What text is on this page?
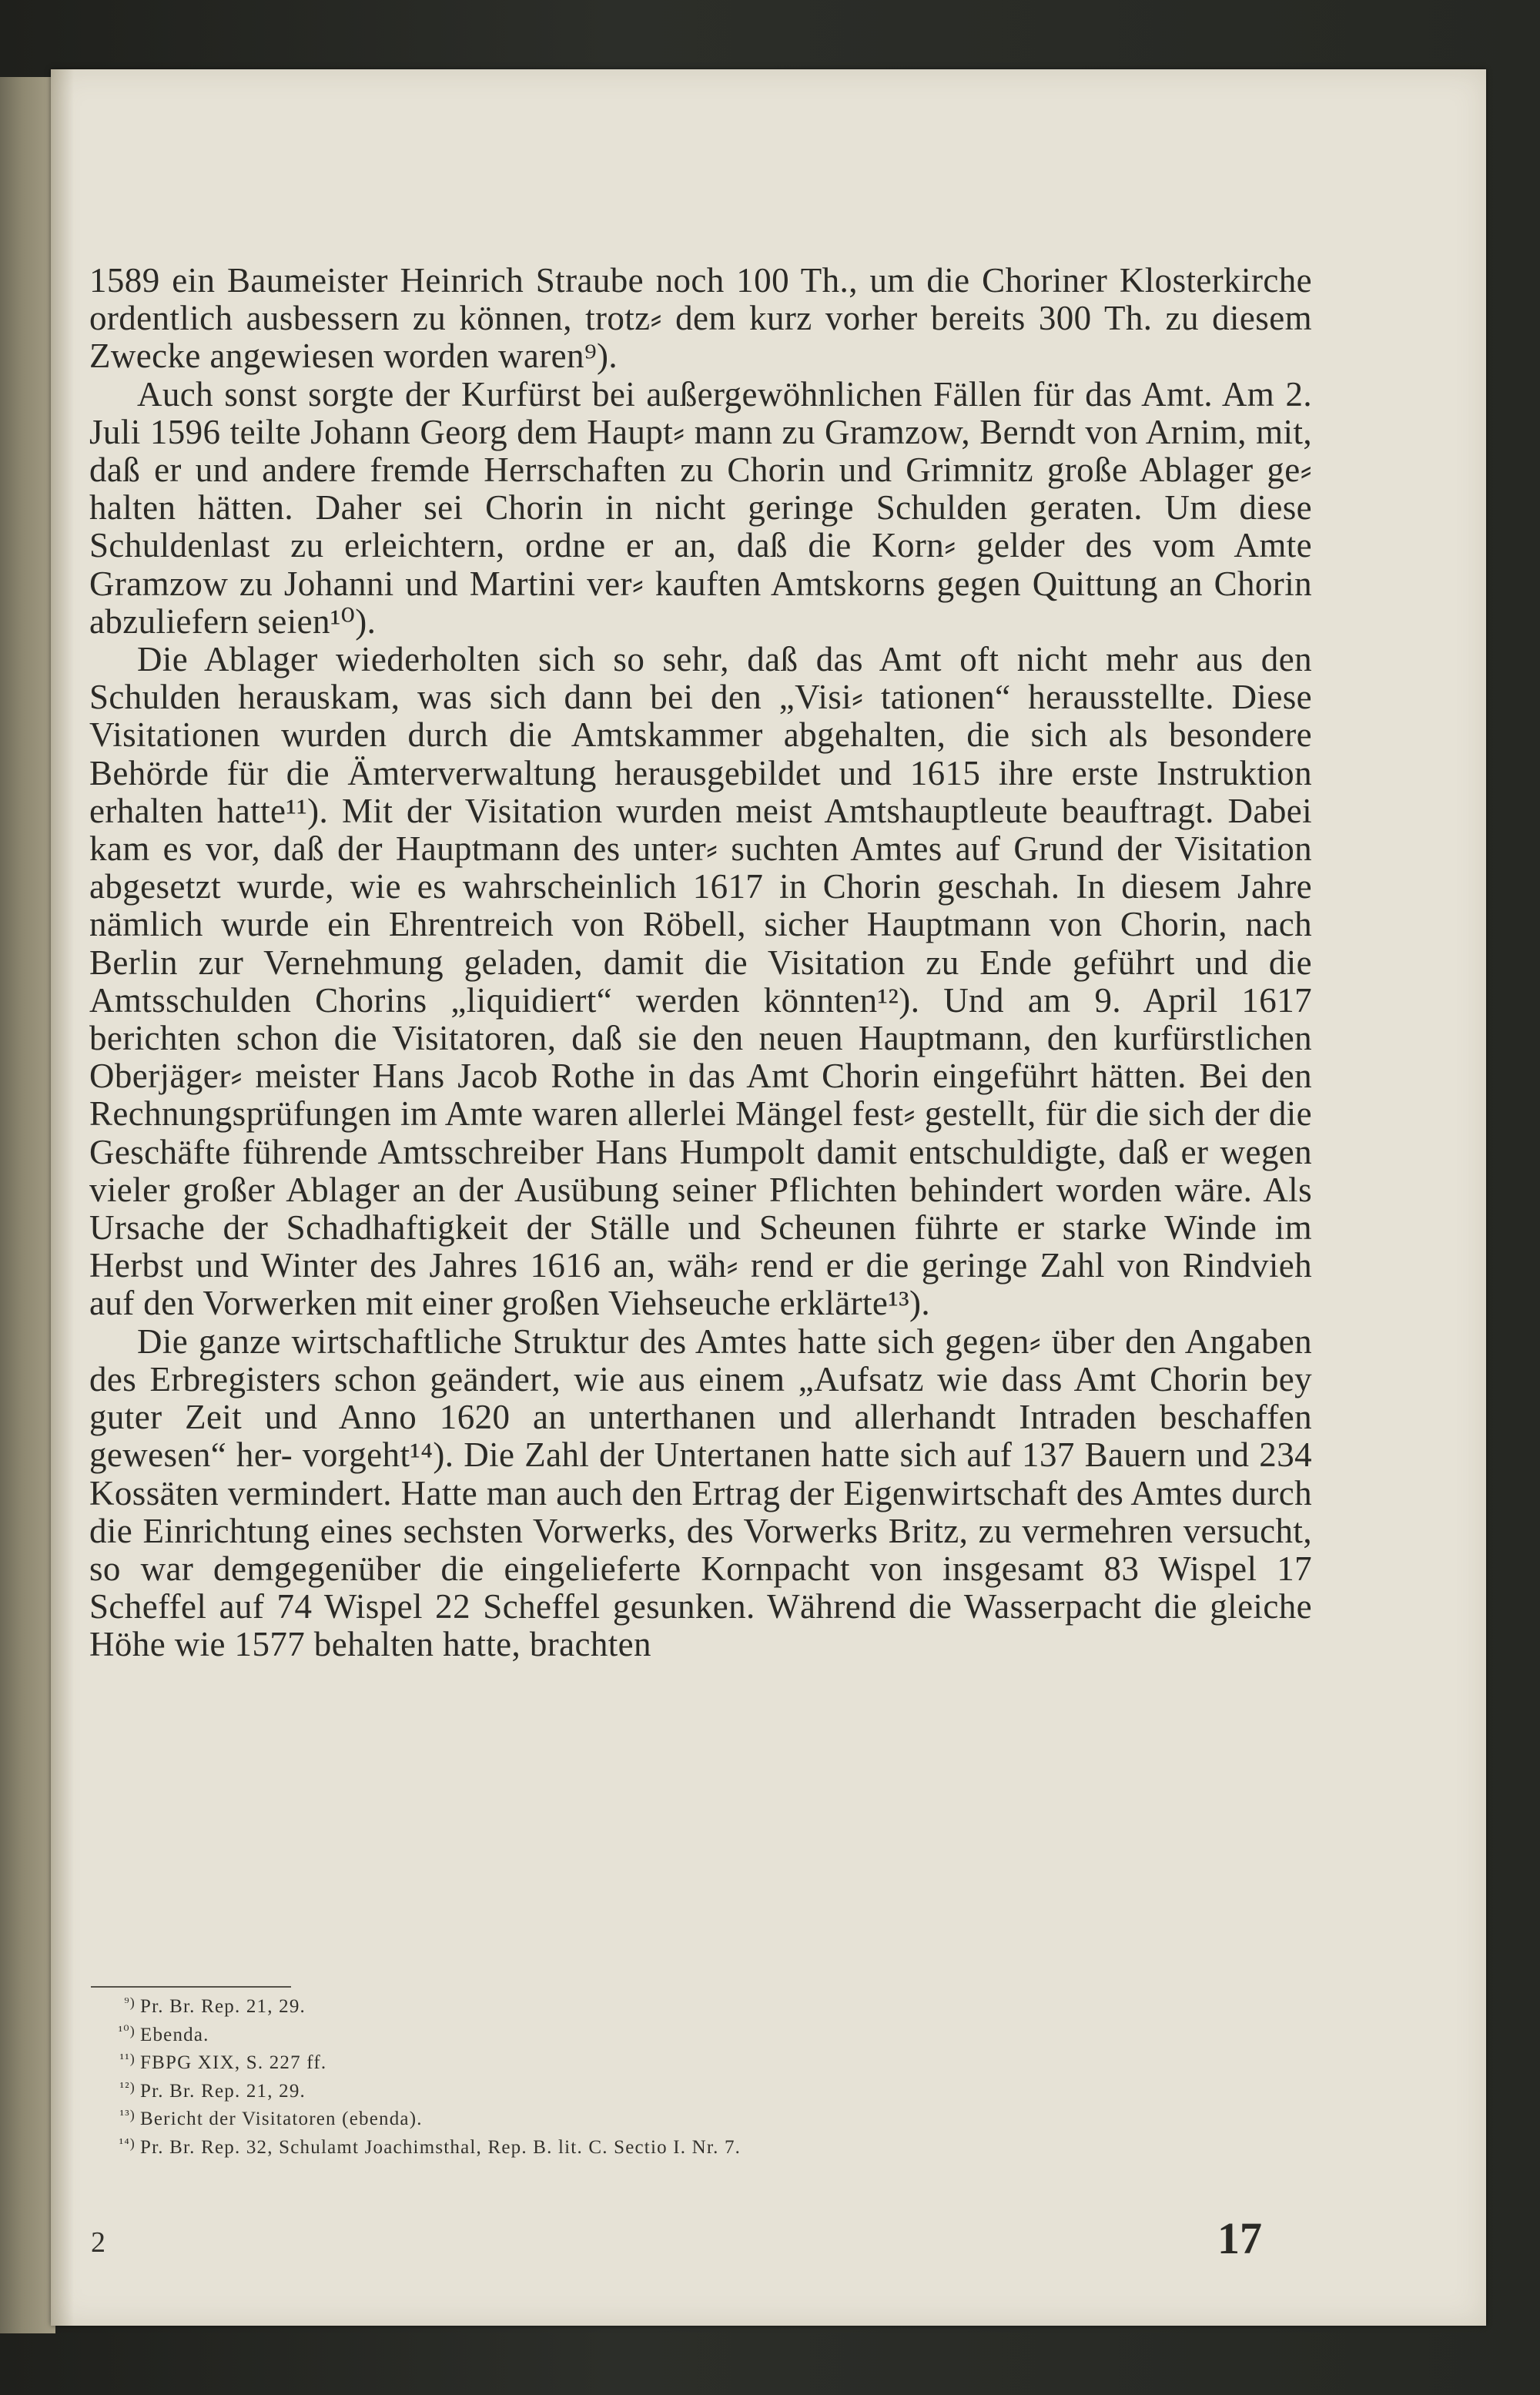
1589 ein Baumeister Heinrich Straube noch 100 Th., um die Choriner Klosterkirche ordentlich ausbessern zu können, trotz⸗ dem kurz vorher bereits 300 Th. zu diesem Zwecke angewiesen worden waren⁹).

Auch sonst sorgte der Kurfürst bei außergewöhnlichen Fällen für das Amt. Am 2. Juli 1596 teilte Johann Georg dem Haupt⸗ mann zu Gramzow, Berndt von Arnim, mit, daß er und andere fremde Herrschaften zu Chorin und Grimnitz große Ablager ge⸗ halten hätten. Daher sei Chorin in nicht geringe Schulden geraten. Um diese Schuldenlast zu erleichtern, ordne er an, daß die Korn⸗ gelder des vom Amte Gramzow zu Johanni und Martini ver⸗ kauften Amtskorns gegen Quittung an Chorin abzuliefern seien¹⁰).

Die Ablager wiederholten sich so sehr, daß das Amt oft nicht mehr aus den Schulden herauskam, was sich dann bei den „Visi⸗ tationen“ herausstellte. Diese Visitationen wurden durch die Amtskammer abgehalten, die sich als besondere Behörde für die Ämterverwaltung herausgebildet und 1615 ihre erste Instruktion erhalten hatte¹¹). Mit der Visitation wurden meist Amtshauptleute beauftragt. Dabei kam es vor, daß der Hauptmann des unter⸗ suchten Amtes auf Grund der Visitation abgesetzt wurde, wie es wahrscheinlich 1617 in Chorin geschah. In diesem Jahre nämlich wurde ein Ehrentreich von Röbell, sicher Hauptmann von Chorin, nach Berlin zur Vernehmung geladen, damit die Visitation zu Ende geführt und die Amtsschulden Chorins „liquidiert“ werden könnten¹²). Und am 9. April 1617 berichten schon die Visitatoren, daß sie den neuen Hauptmann, den kurfürstlichen Oberjäger⸗ meister Hans Jacob Rothe in das Amt Chorin eingeführt hätten. Bei den Rechnungsprüfungen im Amte waren allerlei Mängel fest⸗ gestellt, für die sich der die Geschäfte führende Amtsschreiber Hans Humpolt damit entschuldigte, daß er wegen vieler großer Ablager an der Ausübung seiner Pflichten behindert worden wäre. Als Ursache der Schadhaftigkeit der Ställe und Scheunen führte er starke Winde im Herbst und Winter des Jahres 1616 an, wäh⸗ rend er die geringe Zahl von Rindvieh auf den Vorwerken mit einer großen Viehseuche erklärte¹³).

Die ganze wirtschaftliche Struktur des Amtes hatte sich gegen⸗ über den Angaben des Erbregisters schon geändert, wie aus einem „Aufsatz wie dass Amt Chorin bey guter Zeit und Anno 1620 an unterthanen und allerhandt Intraden beschaffen gewesen“ her- vorgeht¹⁴). Die Zahl der Untertanen hatte sich auf 137 Bauern und 234 Kossäten vermindert. Hatte man auch den Ertrag der Eigenwirtschaft des Amtes durch die Einrichtung eines sechsten Vorwerks, des Vorwerks Britz, zu vermehren versucht, so war demgegenüber die eingelieferte Kornpacht von insgesamt 83 Wispel 17 Scheffel auf 74 Wispel 22 Scheffel gesunken. Während die Wasserpacht die gleiche Höhe wie 1577 behalten hatte, brachten

⁹) Pr. Br. Rep. 21, 29.
¹⁰) Ebenda.
¹¹) FBPG XIX, S. 227 ff.
¹²) Pr. Br. Rep. 21, 29.
¹³) Bericht der Visitatoren (ebenda).
¹⁴) Pr. Br. Rep. 32, Schulamt Joachimsthal, Rep. B. lit. C. Sectio I. Nr. 7.
2	17
